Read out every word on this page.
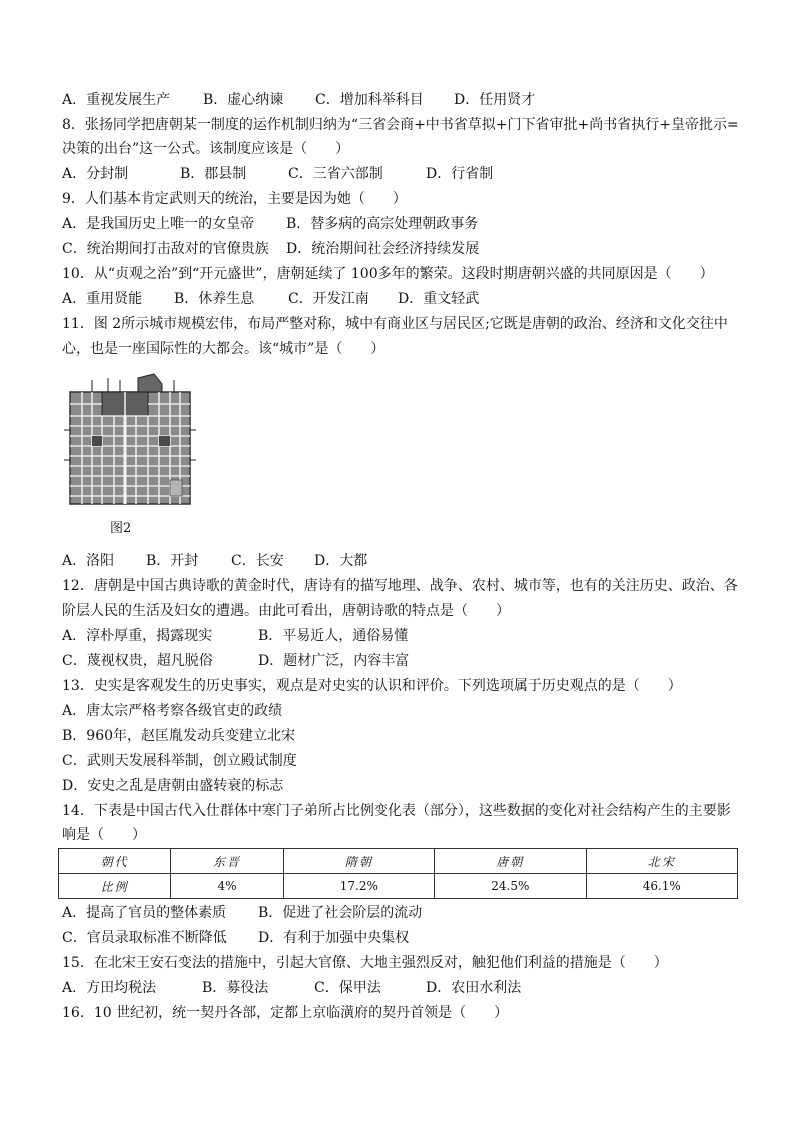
A．重视发展生产 B．虚心纳谏 C．增加科举科目 D．任用贤才
8．张扬同学把唐朝某一制度的运作机制归纳为“三省会商+中书省草拟+门下省审批+尚书省执行+皇帝批示=
决策的出台”这一公式。该制度应该是（　　）
A．分封制	B．郡县制	C．三省六部制	D．行省制
9．人们基本肯定武则天的统治，主要是因为她（　　）
A．是我国历史上唯一的女皇帝 B．替多病的高宗处理朝政事务
C．统治期间打击敌对的官僚贵族 D．统治期间社会经济持续发展
10．从“贞观之治”到“开元盛世”，唐朝延续了 100多年的繁荣。这段时期唐朝兴盛的共同原因是（　　）
A．重用贤能 B．休养生息 C．开发江南 D．重文轻武
11．图 2所示城市规模宏伟，布局严整对称，城中有商业区与居民区;它既是唐朝的政治、经济和文化交往中
心，也是一座国际性的大都会。该“城市”是（　　）
图2
A．洛阳 B．开封 C．长安 D．大都
12．唐朝是中国古典诗歌的黄金时代，唐诗有的描写地理、战争、农村、城市等，也有的关注历史、政治、各
阶层人民的生活及妇女的遭遇。由此可看出，唐朝诗歌的特点是（　　）
A．淳朴厚重，揭露现实	B．平易近人，通俗易懂
C．蔑视权贵，超凡脱俗	D．题材广泛，内容丰富
13．史实是客观发生的历史事实，观点是对史实的认识和评价。下列选项属于历史观点的是（　　）
A．唐太宗严格考察各级官吏的政绩
B．960年，赵匡胤发动兵变建立北宋
C．武则天发展科举制，创立殿试制度
D．安史之乱是唐朝由盛转衰的标志
14．下表是中国古代入仕群体中寒门子弟所占比例变化表（部分），这些数据的变化对社会结构产生的主要影
响是（　　）
朝代	东晋	隋朝	唐朝	北宋
比例	4%	17.2%	24.5%	46.1%
A．提高了官员的整体素质 B．促进了社会阶层的流动
C．官员录取标准不断降低 D．有利于加强中央集权
15．在北宋王安石变法的措施中，引起大官僚、大地主强烈反对，触犯他们利益的措施是（　　）
A．方田均税法	B．募役法	C．保甲法	D．农田水利法
16．10 世纪初，统一契丹各部，定都上京临潢府的契丹首领是（　　）
